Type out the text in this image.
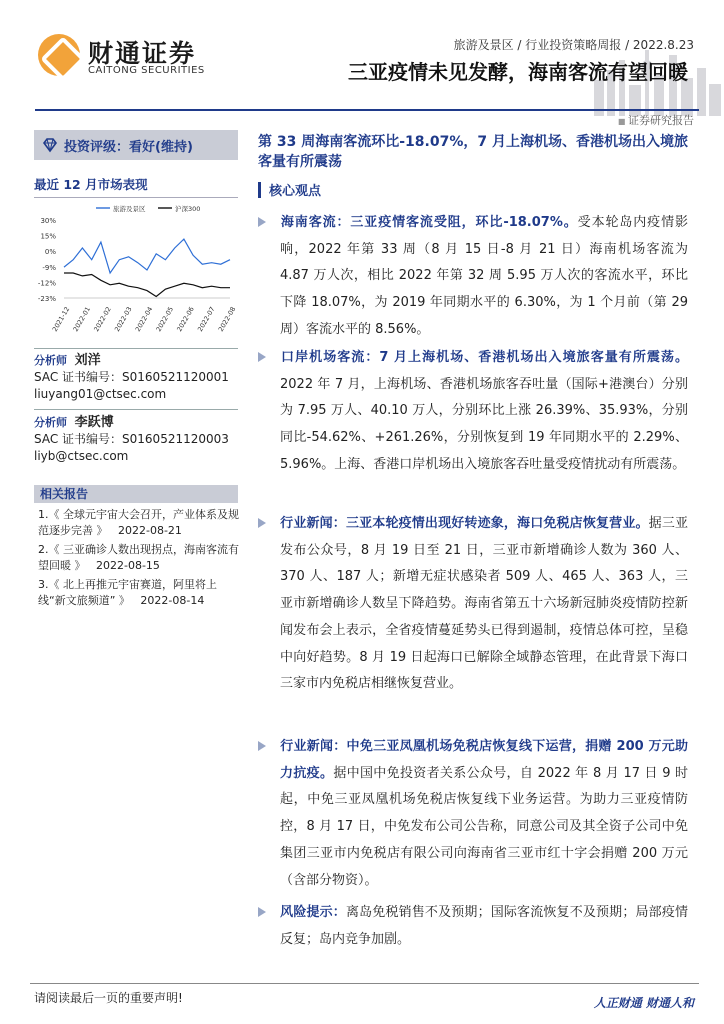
财通证券
CAITONG SECURITIES
旅游及景区 / 行业投资策略周报 / 2022.8.23
三亚疫情未见发酵，海南客流有望回暖
■ 证券研究报告
投资评级：看好(维持)
最近 12 月市场表现
30%
15%
0%
-9%
-12%
-23%
旅游及景区	沪深300
2021-12 2022-01 2022-02 2022-03 2022-04 2022-05 2022-06 2022-07 2022-08
分析师 刘洋
SAC 证书编号：S0160521120001
liuyang01@ctsec.com
分析师 李跃博
SAC 证书编号：S0160521120003
liyb@ctsec.com
相关报告
1.《 全球元宇宙大会召开，产业体系及规范逐步完善 》 2022-08-21
2.《 三亚确诊人数出现拐点，海南客流有望回暖 》 2022-08-15
3.《 北上再推元宇宙赛道，阿里将上线“新文旅频道” 》 2022-08-14
第 33 周海南客流环比-18.07%，7 月上海机场、香港机场出入境旅客量有所震荡
核心观点
海南客流：三亚疫情客流受阻，环比-18.07%。受本轮岛内疫情影响，2022 年第 33 周（8 月 15 日-8 月 21 日）海南机场客流为 4.87 万人次，相比 2022 年第 32 周 5.95 万人次的客流水平，环比下降 18.07%，为 2019 年同期水平的 6.30%，为 1 个月前（第 29 周）客流水平的 8.56%。
口岸机场客流：7 月上海机场、香港机场出入境旅客量有所震荡。2022 年 7 月，上海机场、香港机场旅客吞吐量（国际+港澳台）分别为 7.95 万人、40.10 万人，分别环比上涨 26.39%、35.93%，分别同比-54.62%、+261.26%，分别恢复到 19 年同期水平的 2.29%、5.96%。上海、香港口岸机场出入境旅客吞吐量受疫情扰动有所震荡。
行业新闻：三亚本轮疫情出现好转迹象，海口免税店恢复营业。据三亚发布公众号，8 月 19 日至 21 日，三亚市新增确诊人数为 360 人、370 人、187 人；新增无症状感染者 509 人、465 人、363 人，三亚市新增确诊人数呈下降趋势。海南省第五十六场新冠肺炎疫情防控新闻发布会上表示，全省疫情蔓延势头已得到遏制，疫情总体可控，呈稳中向好趋势。8 月 19 日起海口已解除全域静态管理，在此背景下海口三家市内免税店相继恢复营业。
行业新闻：中免三亚凤凰机场免税店恢复线下运营，捐赠 200 万元助力抗疫。据中国中免投资者关系公众号，自 2022 年 8 月 17 日 9 时起，中免三亚凤凰机场免税店恢复线下业务运营。为助力三亚疫情防控，8 月 17 日，中免发布公司公告称，同意公司及其全资子公司中免集团三亚市内免税店有限公司向海南省三亚市红十字会捐赠 200 万元（含部分物资）。
风险提示：离岛免税销售不及预期；国际客流恢复不及预期；局部疫情反复；岛内竞争加剧。
请阅读最后一页的重要声明!	人正财通 财通人和
